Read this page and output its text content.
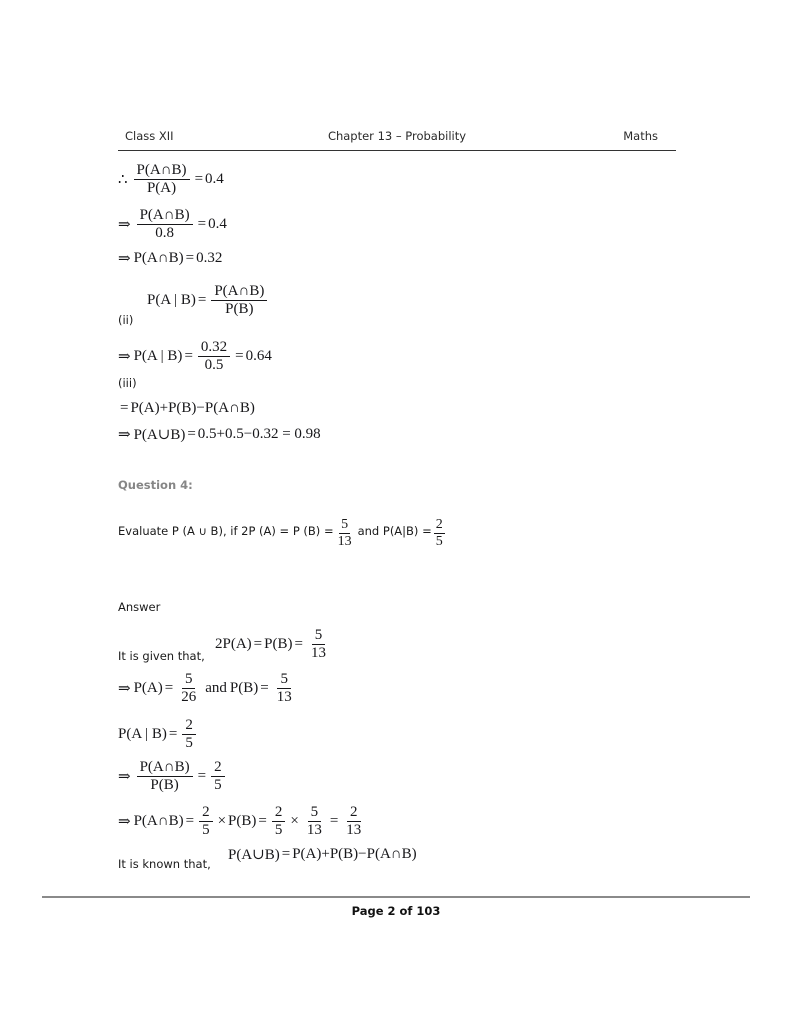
Class XII	Chapter 13 – Probability	Maths
∴ $\frac{P(A\cap B)}{P(A)} = 0.4$
⇒ $\frac{P(A\cap B)}{0.8} = 0.4$
⇒ P(A∩B) = 0.32
P(A | $B) = \frac{P(A\cap B)}{P(B)}$
(ii)
⇒ P(A | $B) = \frac{0.32}{0.5} = 0.64$
(iii)
= P(A)+P(B)−P(A∩B)
⇒ P(A∪B) = 0.5+0.5−0.32 = 0.98
Question 4:
Evaluate P (A ∪ B), if 2P (A) = P $(B) = \frac{5}{13}$ and $P(A|B) = \frac{2}{5}$
Answer
It is given that,
$2P(A) = P(B) = \frac{5}{13}$
⇒ $P(A) = \frac{5}{26}$ and $P(B) = \frac{5}{13}$
P(A | $B) = \frac{2}{5}$
⇒ $\frac{P(A\cap B)}{P(B)} = \frac{2}{5}$
⇒ P(A∩B) = $\frac{2}{5} \times P(B) = \frac{2}{5} \times \frac{5}{13} = \frac{2}{13}$
It is known that,
P(A∪B) = P(A)+P(B)−P(A∩B)
Page 2 of 103
